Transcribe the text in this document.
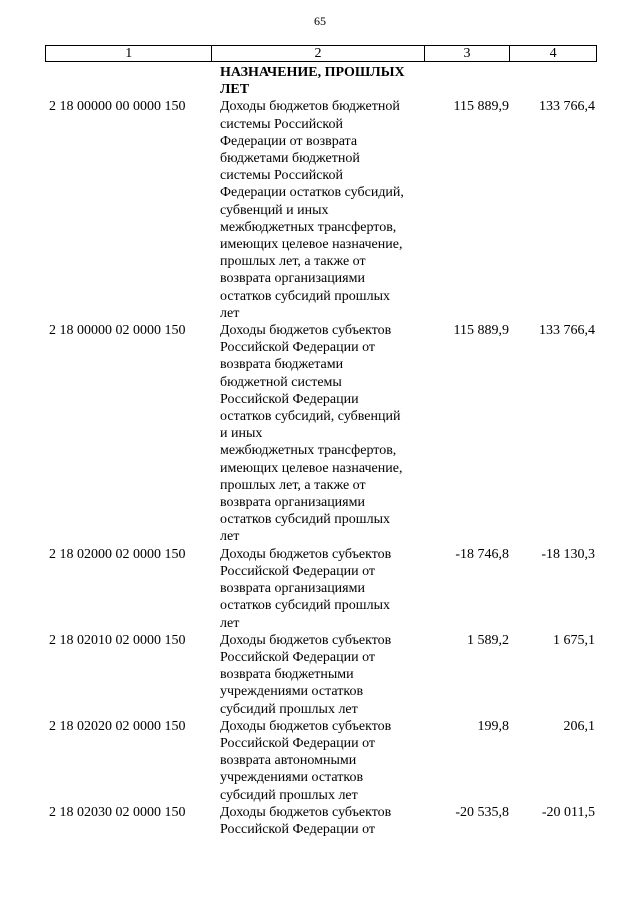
65
1	2	3	4
НАЗНАЧЕНИЕ, ПРОШЛЫХ
ЛЕТ
2 18 00000 00 0000 150	Доходы бюджетов бюджетной
системы Российской
Федерации от возврата
бюджетами бюджетной
системы Российской
Федерации остатков субсидий,
субвенций и иных
межбюджетных трансфертов,
имеющих целевое назначение,
прошлых лет, а также от
возврата организациями
остатков субсидий прошлых
лет
115 889,9	133 766,4
2 18 00000 02 0000 150	Доходы бюджетов субъектов
Российской Федерации от
возврата бюджетами
бюджетной системы
Российской Федерации
остатков субсидий, субвенций
и иных
межбюджетных трансфертов,
имеющих целевое назначение,
прошлых лет, а также от
возврата организациями
остатков субсидий прошлых
лет
115 889,9	133 766,4
2 18 02000 02 0000 150	Доходы бюджетов субъектов
Российской Федерации от
возврата организациями
остатков субсидий прошлых
лет
-18 746,8	-18 130,3
2 18 02010 02 0000 150	Доходы бюджетов субъектов
Российской Федерации от
возврата бюджетными
учреждениями остатков
субсидий прошлых лет
1 589,2	1 675,1
2 18 02020 02 0000 150	Доходы бюджетов субъектов
Российской Федерации от
возврата автономными
учреждениями остатков
субсидий прошлых лет
199,8	206,1
2 18 02030 02 0000 150	Доходы бюджетов субъектов
Российской Федерации от
-20 535,8	-20 011,5
